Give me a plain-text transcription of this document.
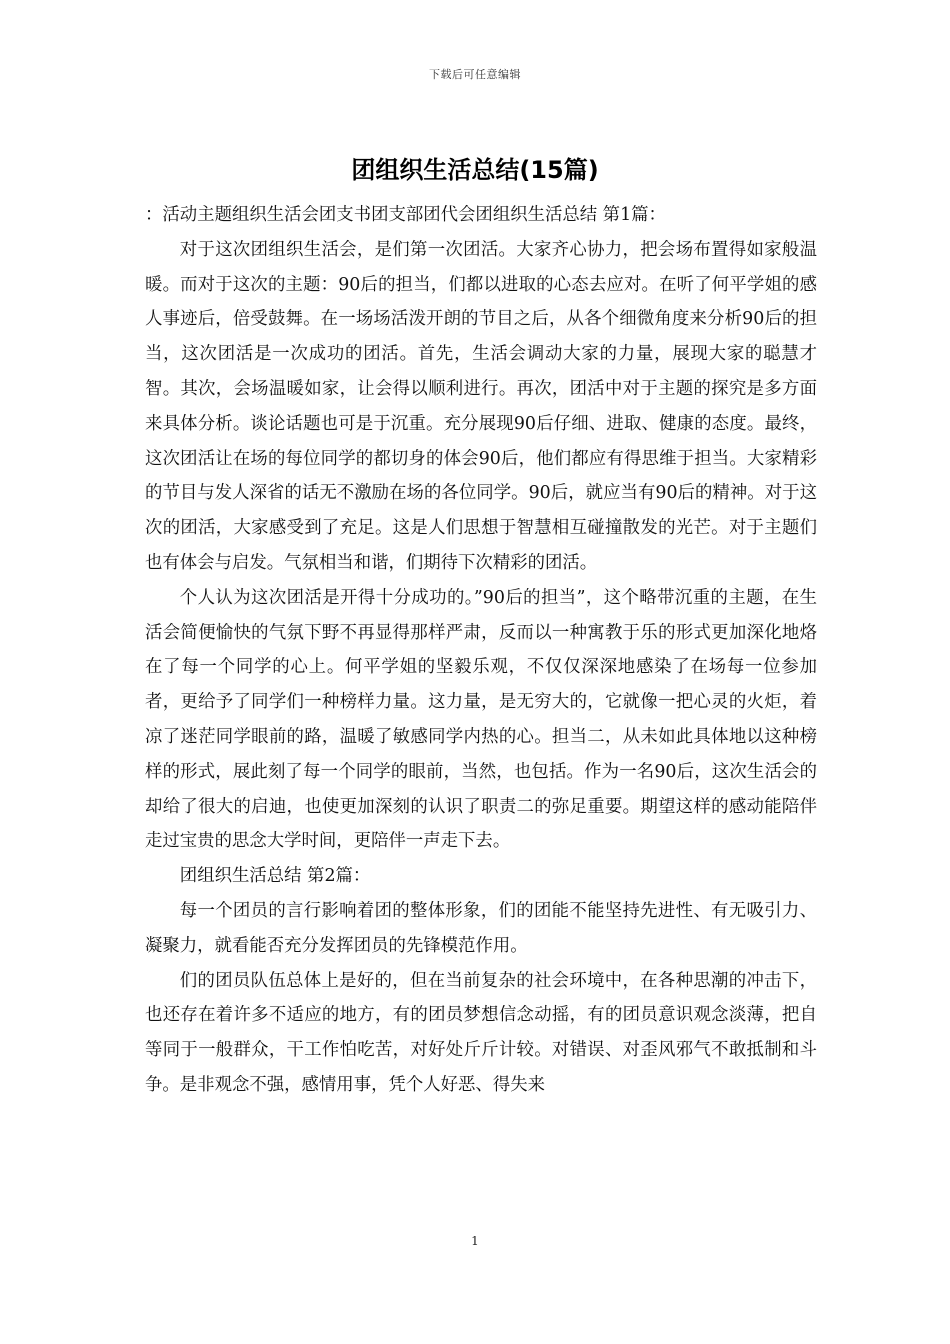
下载后可任意编辑
团组织生活总结(15篇)

：活动主题组织生活会团支书团支部团代会团组织生活总结 第1篇：

对于这次团组织生活会，是们第一次团活。大家齐心协力，把会场布置得如家般温暖。而对于这次的主题：90后的担当，们都以进取的心态去应对。在听了何平学姐的感人事迹后，倍受鼓舞。在一场场活泼开朗的节目之后，从各个细微角度来分析90后的担当，这次团活是一次成功的团活。首先，生活会调动大家的力量，展现大家的聪慧才智。其次，会场温暖如家，让会得以顺利进行。再次，团活中对于主题的探究是多方面来具体分析。谈论话题也可是于沉重。充分展现90后仔细、进取、健康的态度。最终，这次团活让在场的每位同学的都切身的体会90后，他们都应有得思维于担当。大家精彩的节目与发人深省的话无不激励在场的各位同学。90后，就应当有90后的精神。对于这次的团活，大家感受到了充足。这是人们思想于智慧相互碰撞散发的光芒。对于主题们也有体会与启发。气氛相当和谐，们期待下次精彩的团活。

个人认为这次团活是开得十分成功的。”90后的担当”，这个略带沉重的主题，在生活会简便愉快的气氛下野不再显得那样严肃，反而以一种寓教于乐的形式更加深化地烙在了每一个同学的心上。何平学姐的坚毅乐观，不仅仅深深地感染了在场每一位参加者，更给予了同学们一种榜样力量。这力量，是无穷大的，它就像一把心灵的火炬，着凉了迷茫同学眼前的路，温暖了敏感同学内热的心。担当二，从未如此具体地以这种榜样的形式，展此刻了每一个同学的眼前，当然，也包括。作为一名90后，这次生活会的却给了很大的启迪，也使更加深刻的认识了职责二的弥足重要。期望这样的感动能陪伴走过宝贵的思念大学时间，更陪伴一声走下去。

团组织生活总结 第2篇：

每一个团员的言行影响着团的整体形象，们的团能不能坚持先进性、有无吸引力、凝聚力，就看能否充分发挥团员的先锋模范作用。

们的团员队伍总体上是好的，但在当前复杂的社会环境中，在各种思潮的冲击下，也还存在着许多不适应的地方，有的团员梦想信念动摇，有的团员意识观念淡薄，把自等同于一般群众，干工作怕吃苦，对好处斤斤计较。对错误、对歪风邪气不敢抵制和斗争。是非观念不强，感情用事，凭个人好恶、得失来

1
